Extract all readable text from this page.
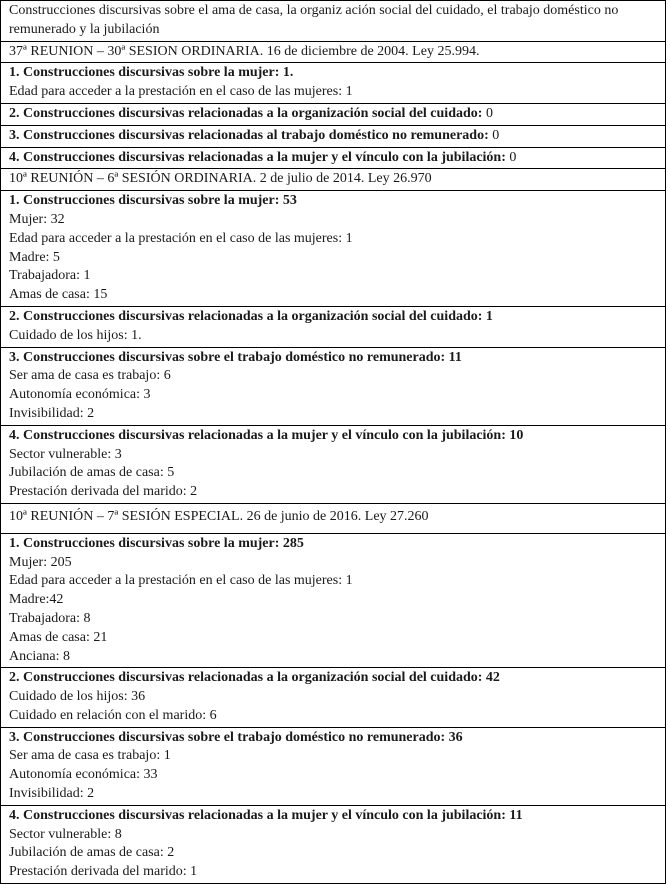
Construcciones discursivas sobre el ama de casa, la organiz ación social del cuidado, el trabajo doméstico no remunerado y la jubilación
37ª REUNION – 30ª SESION ORDINARIA. 16 de diciembre de 2004. Ley 25.994.

1. Construcciones discursivas sobre la mujer: 1.
Edad para acceder a la prestación en el caso de las mujeres: 1

2. Construcciones discursivas relacionadas a la organización social del cuidado: 0
3. Construcciones discursivas relacionadas al trabajo doméstico no remunerado: 0
4. Construcciones discursivas relacionadas a la mujer y el vínculo con la jubilación: 0
10ª REUNIÓN – 6ª SESIÓN ORDINARIA. 2 de julio de 2014. Ley 26.970

1. Construcciones discursivas sobre la mujer: 53
Mujer: 32
Edad para acceder a la prestación en el caso de las mujeres: 1
Madre: 5
Trabajadora: 1
Amas de casa: 15

2. Construcciones discursivas relacionadas a la organización social del cuidado: 1
Cuidado de los hijos: 1.

3. Construcciones discursivas sobre el trabajo doméstico no remunerado: 11
Ser ama de casa es trabajo: 6
Autonomía económica: 3
Invisibilidad: 2

4. Construcciones discursivas relacionadas a la mujer y el vínculo con la jubilación: 10
Sector vulnerable: 3
Jubilación de amas de casa: 5
Prestación derivada del marido: 2

10ª REUNIÓN – 7ª SESIÓN ESPECIAL. 26 de junio de 2016. Ley 27.260

1. Construcciones discursivas sobre la mujer: 285
Mujer: 205
Edad para acceder a la prestación en el caso de las mujeres: 1
Madre:42
Trabajadora: 8
Amas de casa: 21
Anciana: 8

2. Construcciones discursivas relacionadas a la organización social del cuidado: 42
Cuidado de los hijos: 36
Cuidado en relación con el marido: 6

3. Construcciones discursivas sobre el trabajo doméstico no remunerado: 36
Ser ama de casa es trabajo: 1
Autonomía económica: 33
Invisibilidad: 2

4. Construcciones discursivas relacionadas a la mujer y el vínculo con la jubilación: 11
Sector vulnerable: 8
Jubilación de amas de casa: 2
Prestación derivada del marido: 1
